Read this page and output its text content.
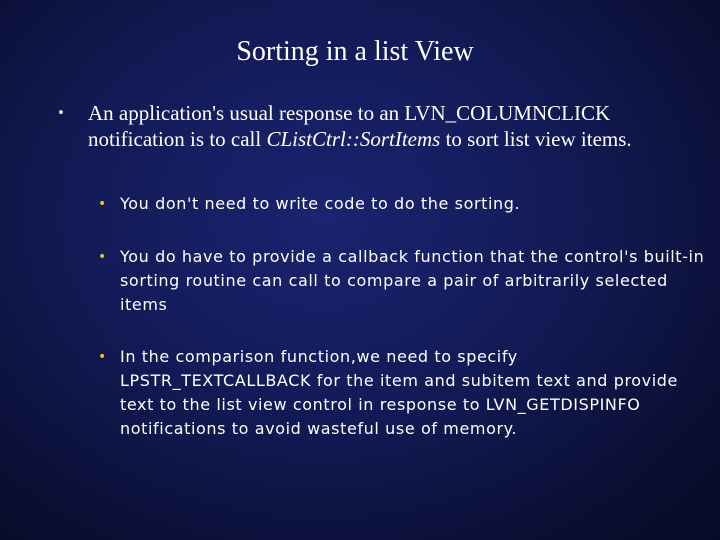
Sorting in a list View
• An application's usual response to an LVN_COLUMNCLICK notification is to call CListCtrl::SortItems to sort list view items.
• You don't need to write code to do the sorting.
• You do have to provide a callback function that the control's built-in sorting routine can call to compare a pair of arbitrarily selected items
• In the comparison function,we need to specify LPSTR_TEXTCALLBACK for the item and subitem text and provide text to the list view control in response to LVN_GETDISPINFO notifications to avoid wasteful use of memory.
